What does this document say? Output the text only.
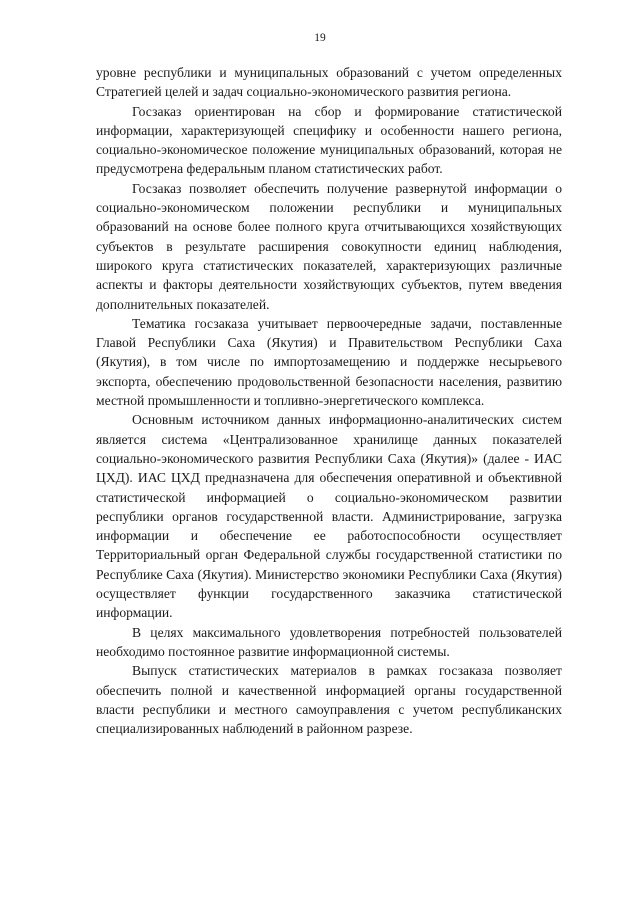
19

уровне республики и муниципальных образований с учетом определенных Стратегией целей и задач социально-экономического развития региона.

Госзаказ ориентирован на сбор и формирование статистической информации, характеризующей специфику и особенности нашего региона, социально-экономическое положение муниципальных образований, которая не предусмотрена федеральным планом статистических работ.

Госзаказ позволяет обеспечить получение развернутой информации о социально-экономическом положении республики и муниципальных образований на основе более полного круга отчитывающихся хозяйствующих субъектов в результате расширения совокупности единиц наблюдения, широкого круга статистических показателей, характеризующих различные аспекты и факторы деятельности хозяйствующих субъектов, путем введения дополнительных показателей.

Тематика госзаказа учитывает первоочередные задачи, поставленные Главой Республики Саха (Якутия) и Правительством Республики Саха (Якутия), в том числе по импортозамещению и поддержке несырьевого экспорта, обеспечению продовольственной безопасности населения, развитию местной промышленности и топливно-энергетического комплекса.

Основным источником данных информационно-аналитических систем является система «Централизованное хранилище данных показателей социально-экономического развития Республики Саха (Якутия)» (далее - ИАС ЦХД). ИАС ЦХД предназначена для обеспечения оперативной и объективной статистической информацией о социально-экономическом развитии республики органов государственной власти. Администрирование, загрузка информации и обеспечение ее работоспособности осуществляет Территориальный орган Федеральной службы государственной статистики по Республике Саха (Якутия). Министерство экономики Республики Саха (Якутия) осуществляет функции государственного заказчика статистической информации.

В целях максимального удовлетворения потребностей пользователей необходимо постоянное развитие информационной системы.

Выпуск статистических материалов в рамках госзаказа позволяет обеспечить полной и качественной информацией органы государственной власти республики и местного самоуправления с учетом республиканских специализированных наблюдений в районном разрезе.
